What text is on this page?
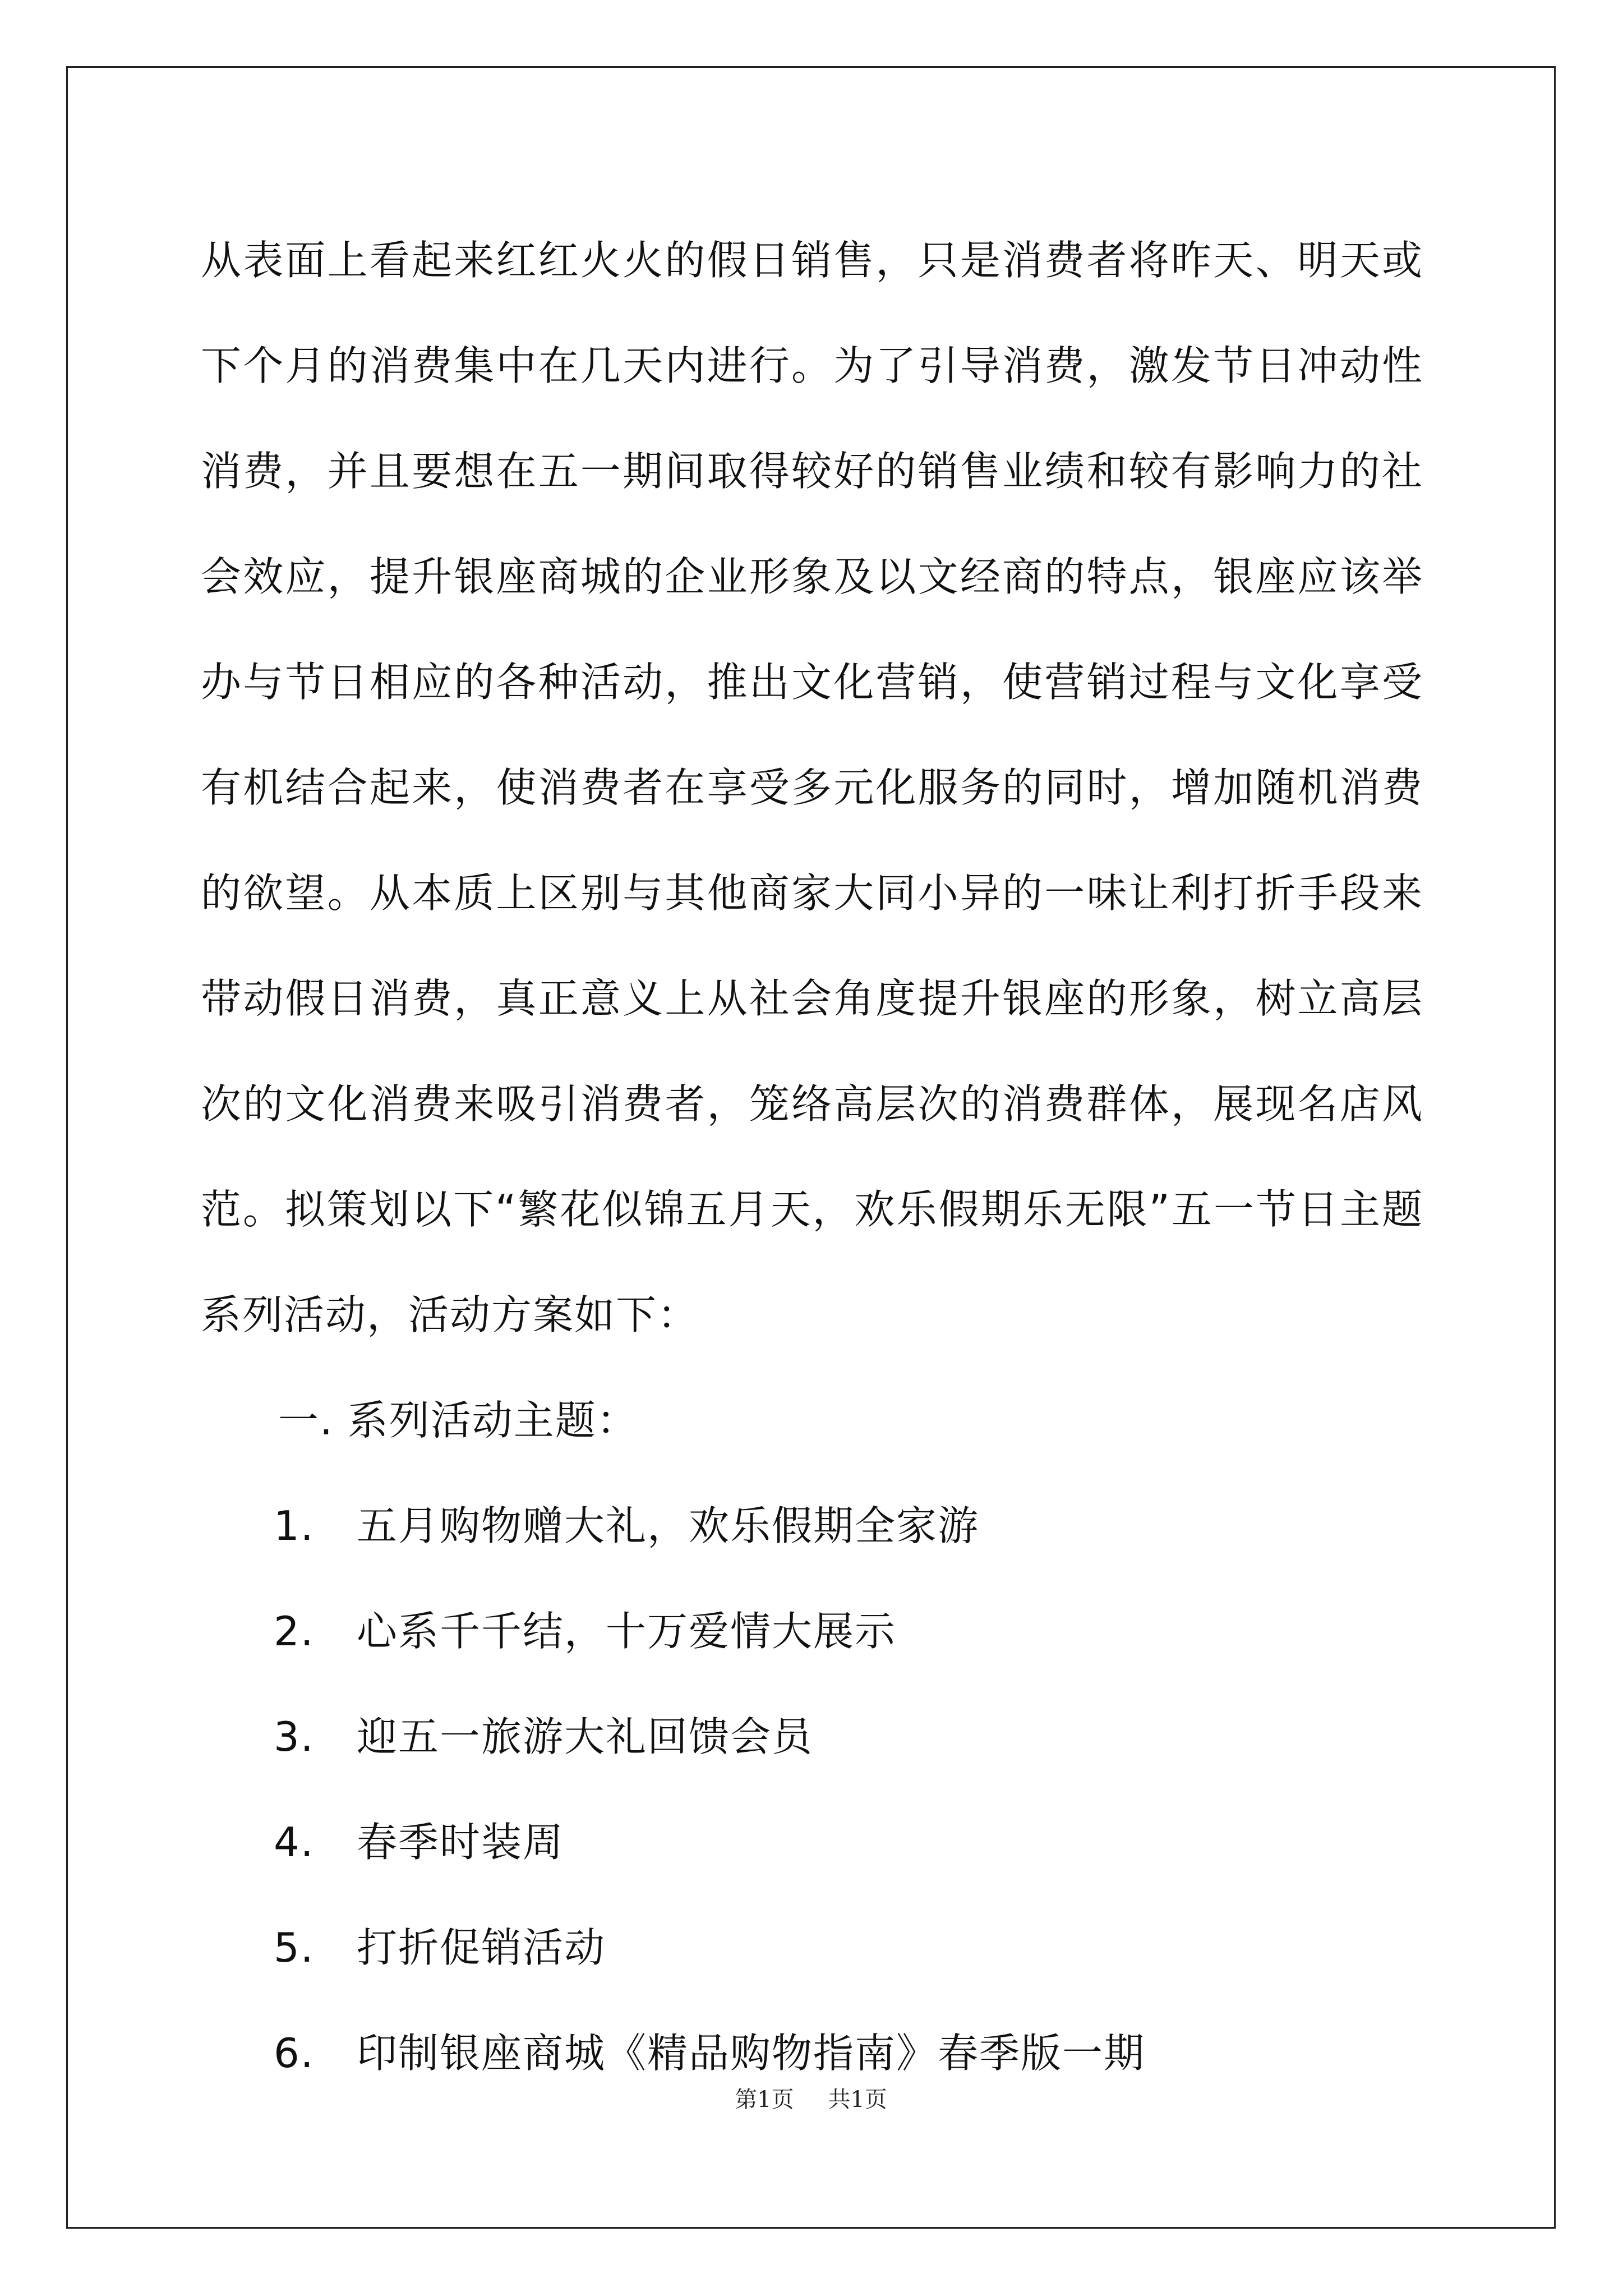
从表面上看起来红红火火的假日销售，只是消费者将昨天、明天或下个月的消费集中在几天内进行。为了引导消费，激发节日冲动性消费，并且要想在五一期间取得较好的销售业绩和较有影响力的社会效应，提升银座商城的企业形象及以文经商的特点，银座应该举办与节日相应的各种活动，推出文化营销，使营销过程与文化享受有机结合起来，使消费者在享受多元化服务的同时，增加随机消费的欲望。从本质上区别与其他商家大同小异的一味让利打折手段来带动假日消费，真正意义上从社会角度提升银座的形象，树立高层次的文化消费来吸引消费者，笼络高层次的消费群体，展现名店风范。拟策划以下“繁花似锦五月天，欢乐假期乐无限”五一节日主题系列活动，活动方案如下：

一. 系列活动主题：

1.	五月购物赠大礼，欢乐假期全家游
2.	心系千千结，十万爱情大展示
3.	迎五一旅游大礼回馈会员
4.	春季时装周
5.	打折促销活动
6.	印制银座商城《精品购物指南》春季版一期
第1页 共1页
